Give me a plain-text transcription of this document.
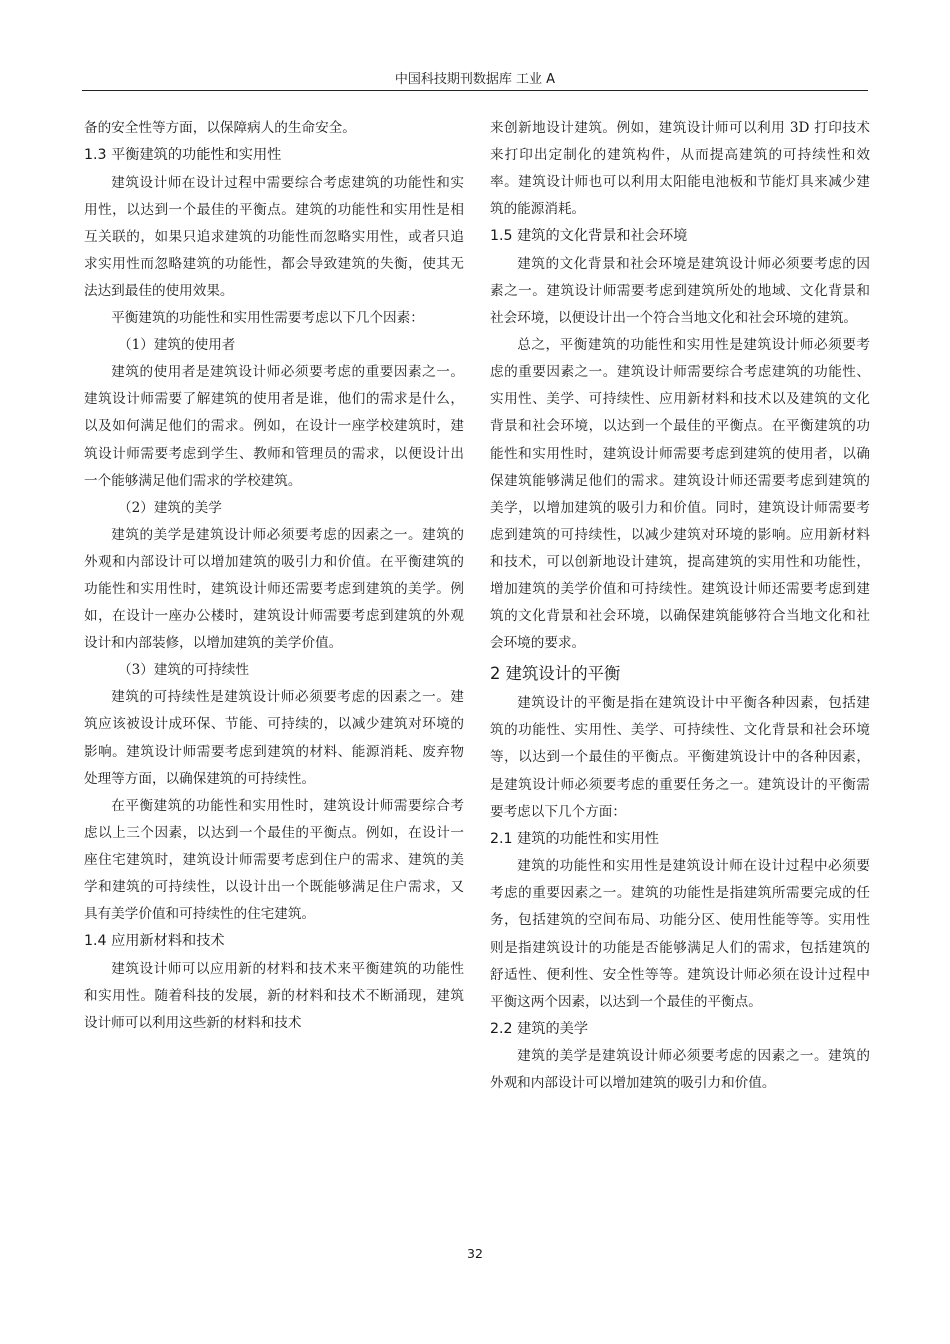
中国科技期刊数据库 工业 A

备的安全性等方面，以保障病人的生命安全。

1.3 平衡建筑的功能性和实用性

建筑设计师在设计过程中需要综合考虑建筑的功能性和实用性，以达到一个最佳的平衡点。建筑的功能性和实用性是相互关联的，如果只追求建筑的功能性而忽略实用性，或者只追求实用性而忽略建筑的功能性，都会导致建筑的失衡，使其无法达到最佳的使用效果。

平衡建筑的功能性和实用性需要考虑以下几个因素：

（1）建筑的使用者

建筑的使用者是建筑设计师必须要考虑的重要因素之一。建筑设计师需要了解建筑的使用者是谁，他们的需求是什么，以及如何满足他们的需求。例如，在设计一座学校建筑时，建筑设计师需要考虑到学生、教师和管理员的需求，以便设计出一个能够满足他们需求的学校建筑。

（2）建筑的美学

建筑的美学是建筑设计师必须要考虑的因素之一。建筑的外观和内部设计可以增加建筑的吸引力和价值。在平衡建筑的功能性和实用性时，建筑设计师还需要考虑到建筑的美学。例如，在设计一座办公楼时，建筑设计师需要考虑到建筑的外观设计和内部装修，以增加建筑的美学价值。

（3）建筑的可持续性

建筑的可持续性是建筑设计师必须要考虑的因素之一。建筑应该被设计成环保、节能、可持续的，以减少建筑对环境的影响。建筑设计师需要考虑到建筑的材料、能源消耗、废弃物处理等方面，以确保建筑的可持续性。

在平衡建筑的功能性和实用性时，建筑设计师需要综合考虑以上三个因素，以达到一个最佳的平衡点。例如，在设计一座住宅建筑时，建筑设计师需要考虑到住户的需求、建筑的美学和建筑的可持续性，以设计出一个既能够满足住户需求，又具有美学价值和可持续性的住宅建筑。

1.4 应用新材料和技术

建筑设计师可以应用新的材料和技术来平衡建筑的功能性和实用性。随着科技的发展，新的材料和技术不断涌现，建筑设计师可以利用这些新的材料和技术

来创新地设计建筑。例如，建筑设计师可以利用 3D 打印技术来打印出定制化的建筑构件，从而提高建筑的可持续性和效率。建筑设计师也可以利用太阳能电池板和节能灯具来减少建筑的能源消耗。

1.5 建筑的文化背景和社会环境

建筑的文化背景和社会环境是建筑设计师必须要考虑的因素之一。建筑设计师需要考虑到建筑所处的地域、文化背景和社会环境，以便设计出一个符合当地文化和社会环境的建筑。

总之，平衡建筑的功能性和实用性是建筑设计师必须要考虑的重要因素之一。建筑设计师需要综合考虑建筑的功能性、实用性、美学、可持续性、应用新材料和技术以及建筑的文化背景和社会环境，以达到一个最佳的平衡点。在平衡建筑的功能性和实用性时，建筑设计师需要考虑到建筑的使用者，以确保建筑能够满足他们的需求。建筑设计师还需要考虑到建筑的美学，以增加建筑的吸引力和价值。同时，建筑设计师需要考虑到建筑的可持续性，以减少建筑对环境的影响。应用新材料和技术，可以创新地设计建筑，提高建筑的实用性和功能性，增加建筑的美学价值和可持续性。建筑设计师还需要考虑到建筑的文化背景和社会环境，以确保建筑能够符合当地文化和社会环境的要求。

2 建筑设计的平衡

建筑设计的平衡是指在建筑设计中平衡各种因素，包括建筑的功能性、实用性、美学、可持续性、文化背景和社会环境等，以达到一个最佳的平衡点。平衡建筑设计中的各种因素，是建筑设计师必须要考虑的重要任务之一。建筑设计的平衡需要考虑以下几个方面：

2.1 建筑的功能性和实用性

建筑的功能性和实用性是建筑设计师在设计过程中必须要考虑的重要因素之一。建筑的功能性是指建筑所需要完成的任务，包括建筑的空间布局、功能分区、使用性能等等。实用性则是指建筑设计的功能是否能够满足人们的需求，包括建筑的舒适性、便利性、安全性等等。建筑设计师必须在设计过程中平衡这两个因素，以达到一个最佳的平衡点。

2.2 建筑的美学

建筑的美学是建筑设计师必须要考虑的因素之一。建筑的外观和内部设计可以增加建筑的吸引力和价值。

32
